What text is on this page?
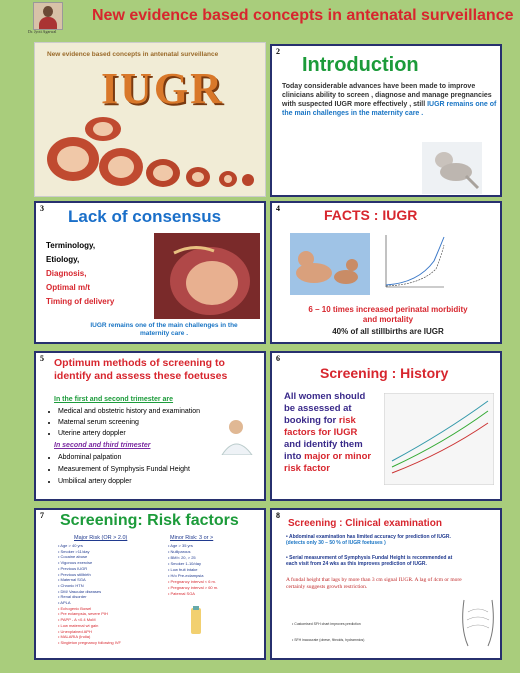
Dr. Jyoti Agarwal
New evidence based concepts in antenatal surveillance
New evidence based concepts in antenatal surveillance
IUGR
2
Introduction
Today considerable advances have been made to improve clinicians ability to screen , diagnose and manage pregnancies with suspected IUGR more effectively , still IUGR remains one of the main challenges in the maternity care .
3 Lack of consensus
Terminology,
Etiology,
Diagnosis,
Optimal m/t
Timing of delivery
IUGR remains one of the main challenges in the maternity care .
4	FACTS : IUGR
6 – 10 times increased perinatal morbidity and mortality
40% of all stillbirths are IUGR
5 Optimum methods of screening to identify and assess these foetuses
In the first and second trimester are
• Medical and obstetric history and examination
• Maternal serum screening
• Uterine artery doppler
In second and third trimester
• Abdominal palpation
• Measurement of Symphysis Fundal Height
• Umbilical artery doppler
6
Screening : History
All women should be assessed at booking for risk factors for IUGR and identify them into major or minor risk factor
7 Screening: Risk factors
Major Risk (OR > 2.0)
• Age > 40 yrs
• Smoker >11/day
• Cocaine abuse
• Vigorous exercise
• Previous IUGR
• Previous stillbirth
• Maternal SGA
• Chronic HTN
• DM/ Vascular diseases
• Renal disorder
• APLA
• Echogenic Bowel
• Pre eclampsia, severe PIH
• PAPP - A <0.4 MoM
• Low maternal wt gain
• Unexplained APH
• MALARIA (India)
• Singleton pregnancy following IVF
Minor Risk: 3 or >
• Age > 35 yrs
• Nulliparous
• BMI< 20, > 25
• Smoker 1-10/day
• Low fruit intake
• H/o Pre-eclampsia
• Pregnancy interval < 6 m.
• Pregnancy interval > 60 m.
• Paternal SGA
8
Screening : Clinical examination
• Abdominal examination has limited accuracy for prediction of IUGR.
(detects only 30 – 50 % of IUGR foetuses )
• Serial measurement of Symphysis Fundal Height is recommended at each visit from 24 wks as this improves prediction of IUGR.
A fundal height that lags by more than 3 cm signal IUGR. A lag of 4cm or more certainly suggests growth restriction.
• Customised SFH chart improves prediction
• SFH inaccurate (obese, fibroids, hydramnios)
